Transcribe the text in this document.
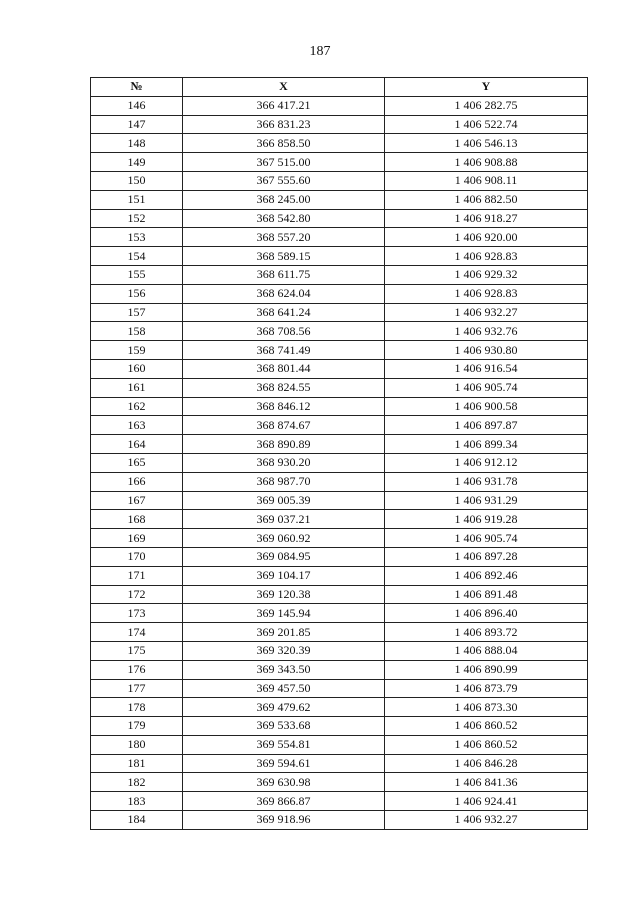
187
№	X	Y
146	366 417.21	1 406 282.75
147	366 831.23	1 406 522.74
148	366 858.50	1 406 546.13
149	367 515.00	1 406 908.88
150	367 555.60	1 406 908.11
151	368 245.00	1 406 882.50
152	368 542.80	1 406 918.27
153	368 557.20	1 406 920.00
154	368 589.15	1 406 928.83
155	368 611.75	1 406 929.32
156	368 624.04	1 406 928.83
157	368 641.24	1 406 932.27
158	368 708.56	1 406 932.76
159	368 741.49	1 406 930.80
160	368 801.44	1 406 916.54
161	368 824.55	1 406 905.74
162	368 846.12	1 406 900.58
163	368 874.67	1 406 897.87
164	368 890.89	1 406 899.34
165	368 930.20	1 406 912.12
166	368 987.70	1 406 931.78
167	369 005.39	1 406 931.29
168	369 037.21	1 406 919.28
169	369 060.92	1 406 905.74
170	369 084.95	1 406 897.28
171	369 104.17	1 406 892.46
172	369 120.38	1 406 891.48
173	369 145.94	1 406 896.40
174	369 201.85	1 406 893.72
175	369 320.39	1 406 888.04
176	369 343.50	1 406 890.99
177	369 457.50	1 406 873.79
178	369 479.62	1 406 873.30
179	369 533.68	1 406 860.52
180	369 554.81	1 406 860.52
181	369 594.61	1 406 846.28
182	369 630.98	1 406 841.36
183	369 866.87	1 406 924.41
184	369 918.96	1 406 932.27
